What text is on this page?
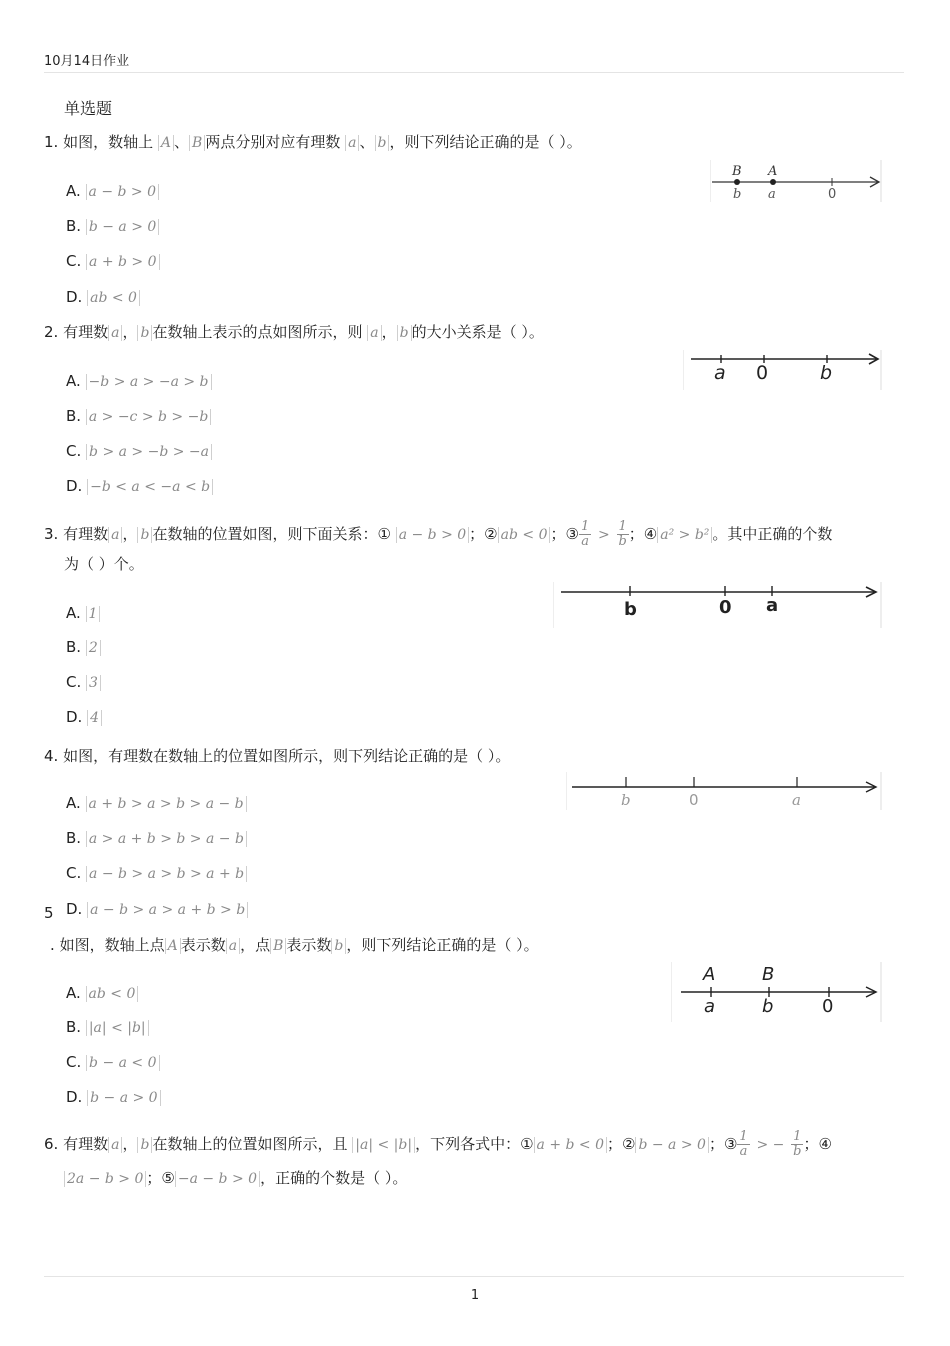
10月14日作业
单选题
1. 如图，数轴上 A 、 B 两点分别对应有理数 a 、 b ，则下列结论正确的是（ ）。
A. a − b > 0
B. b − a > 0
C. a + b > 0
D. ab < 0
B A
b a	0
2. 有理数 a ， b 在数轴上表示的点如图所示，则 a ， b 的大小关系是（ ）。
A. −b > a > −a > b
B. a > −c > b > −b
C. b > a > −b > −a
D. −b < a < −a < b
a 0	b
3. 有理数 a ， b 在数轴的位置如图，则下面关系：① a − b > 0 ；② ab < 0 ；③ $\frac{1}{a} > \frac{1}{b}$ ；④ a² > b² 。其中正确的个数
为（ ）个。
A. 1
B. 2
C. 3
D. 4
b	0 a
4. 如图，有理数在数轴上的位置如图所示，则下列结论正确的是（ ）。
A. a + b > a > b > a − b
B. a > a + b > b > a − b
C. a − b > a > b > a + b
D. a − b > a > a + b > b
b	0	a
5
. 如图，数轴上点 A 表示数 a ，点 B 表示数 b ，则下列结论正确的是（ ）。
A. ab < 0
B. |a| < |b|
C. b − a < 0
D. b − a > 0
A	B
a	b	0
6. 有理数 a ， b 在数轴上的位置如图所示，且 |a| < |b| ，下列各式中：① a + b < 0 ；② b − a > 0 ；③ $\frac{1}{a}$ > − $\frac{1}{b}$ ；④
2a − b > 0 ；⑤ −a − b > 0 ，正确的个数是（ ）。
1
